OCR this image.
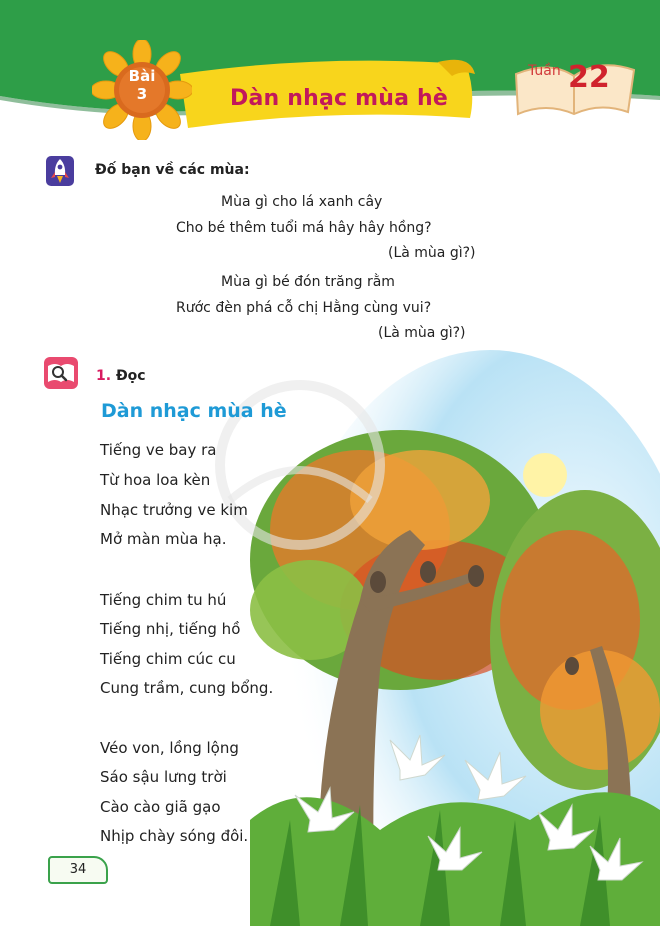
Bài
3	Dàn nhạc mùa hè
Tuần 22
Đố bạn về các mùa:
Mùa gì cho lá xanh cây
Cho bé thêm tuổi má hây hây hồng?
(Là mùa gì?)
Mùa gì bé đón trăng rằm
Rước đèn phá cỗ chị Hằng cùng vui?
(Là mùa gì?)
1. Đọc
Dàn nhạc mùa hè
Tiếng ve bay ra
Từ hoa loa kèn
Nhạc trưởng ve kim
Mở màn mùa hạ.
Tiếng chim tu hú
Tiếng nhị, tiếng hồ
Tiếng chim cúc cu
Cung trầm, cung bổng.
Véo von, lồng lộng
Sáo sậu lưng trời
Cào cào giã gạo
Nhịp chày sóng đôi.
34
